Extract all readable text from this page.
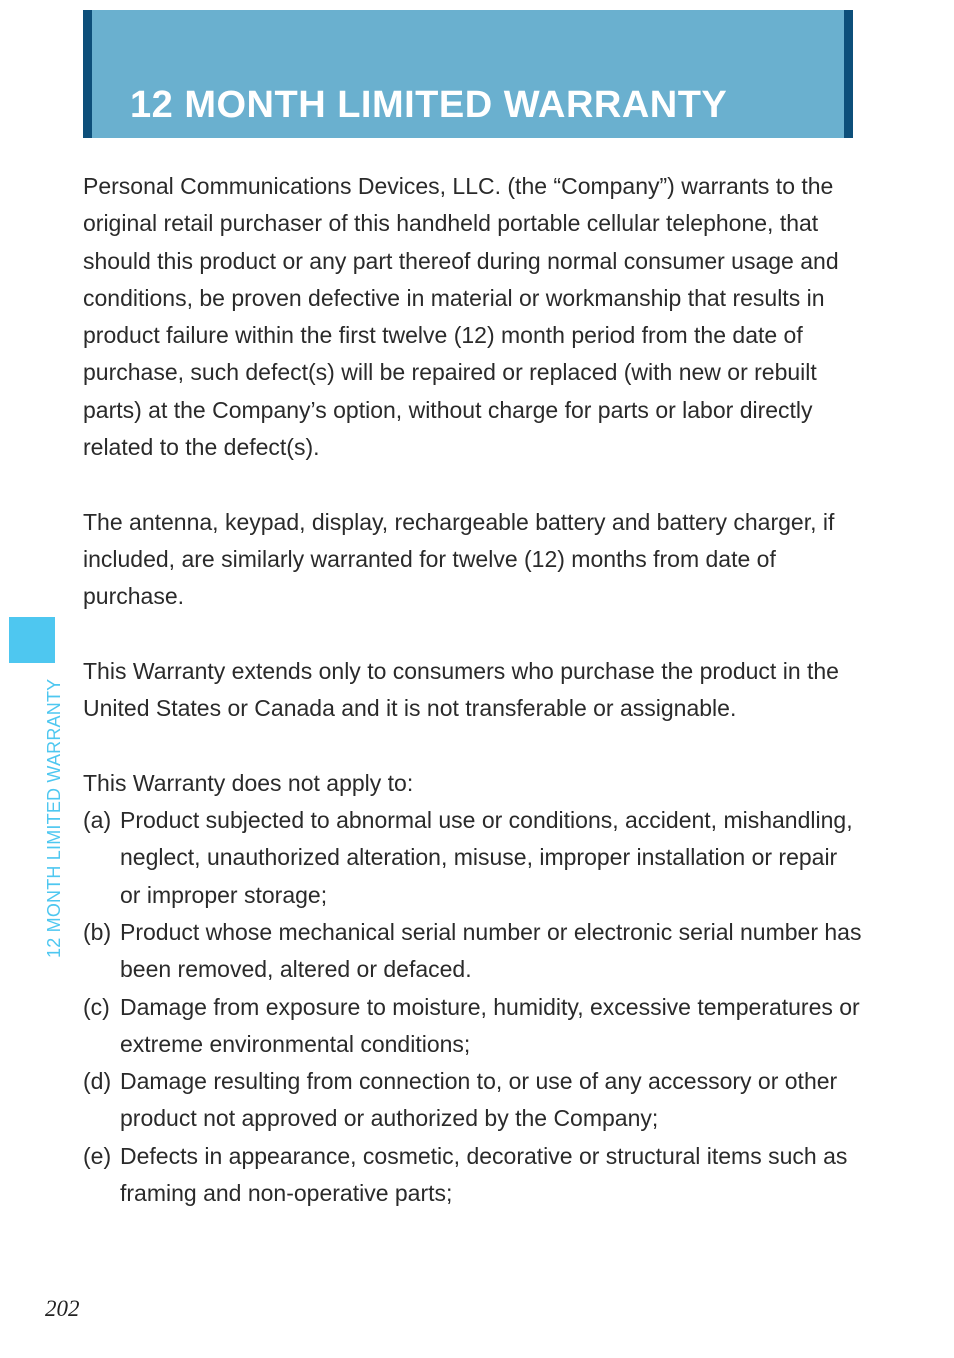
12 MONTH LIMITED WARRANTY
12 MONTH LIMITED WARRANTY

Personal Communications Devices, LLC. (the “Company”) warrants to the original retail purchaser of this handheld portable cellular telephone, that should this product or any part thereof during normal consumer usage and conditions, be proven defective in material or workmanship that results in product failure within the first twelve (12) month period from the date of purchase, such defect(s) will be repaired or replaced (with new or rebuilt parts) at the Company’s option, without charge for parts or labor directly related to the defect(s).

The antenna, keypad, display, rechargeable battery and battery charger, if included, are similarly warranted for twelve (12) months from date of purchase.

This Warranty extends only to consumers who purchase the product in the United States or Canada and it is not transferable or assignable.

This Warranty does not apply to:

(a) Product subjected to abnormal use or conditions, accident, mishandling, neglect, unauthorized alteration, misuse, improper installation or repair or improper storage;
(b) Product whose mechanical serial number or electronic serial number has been removed, altered or defaced.
(c) Damage from exposure to moisture, humidity, excessive temperatures or extreme environmental conditions;
(d) Damage resulting from connection to, or use of any accessory or other product not approved or authorized by the Company;
(e) Defects in appearance, cosmetic, decorative or structural items such as framing and non-operative parts;
202
